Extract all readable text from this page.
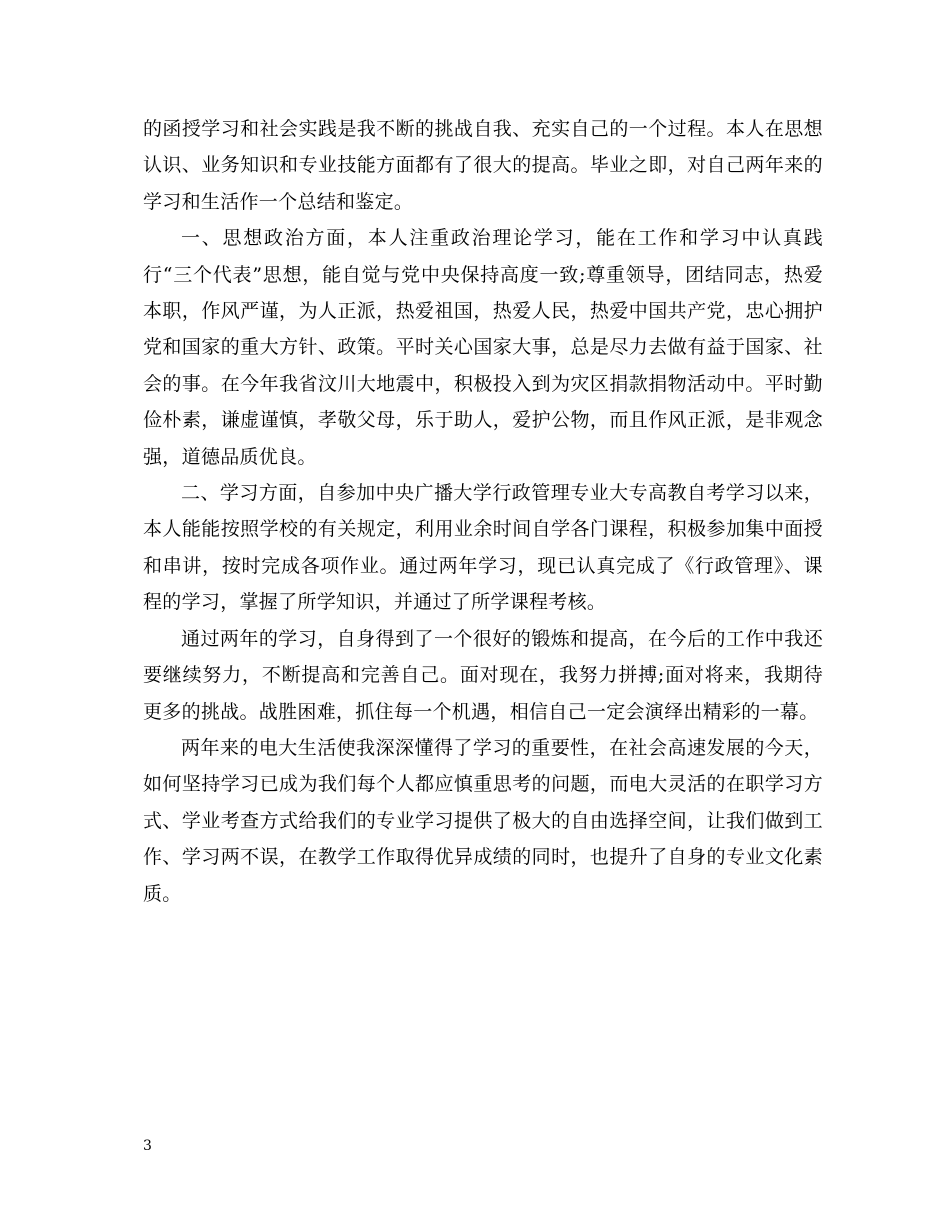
的函授学习和社会实践是我不断的挑战自我、充实自己的一个过程。本人在思想认识、业务知识和专业技能方面都有了很大的提高。毕业之即，对自己两年来的学习和生活作一个总结和鉴定。

一、思想政治方面，本人注重政治理论学习，能在工作和学习中认真践行“三个代表”思想，能自觉与党中央保持高度一致;尊重领导，团结同志，热爱本职，作风严谨，为人正派，热爱祖国，热爱人民，热爱中国共产党，忠心拥护党和国家的重大方针、政策。平时关心国家大事，总是尽力去做有益于国家、社会的事。在今年我省汶川大地震中，积极投入到为灾区捐款捐物活动中。平时勤俭朴素，谦虚谨慎，孝敬父母，乐于助人，爱护公物，而且作风正派，是非观念强，道德品质优良。

二、学习方面，自参加中央广播大学行政管理专业大专高教自考学习以来，本人能能按照学校的有关规定，利用业余时间自学各门课程，积极参加集中面授和串讲，按时完成各项作业。通过两年学习，现已认真完成了《行政管理》、课程的学习，掌握了所学知识，并通过了所学课程考核。

通过两年的学习，自身得到了一个很好的锻炼和提高，在今后的工作中我还要继续努力，不断提高和完善自己。面对现在，我努力拼搏;面对将来，我期待更多的挑战。战胜困难，抓住每一个机遇，相信自己一定会演绎出精彩的一幕。

两年来的电大生活使我深深懂得了学习的重要性，在社会高速发展的今天，如何坚持学习已成为我们每个人都应慎重思考的问题，而电大灵活的在职学习方式、学业考查方式给我们的专业学习提供了极大的自由选择空间，让我们做到工作、学习两不误，在教学工作取得优异成绩的同时，也提升了自身的专业文化素质。

3
